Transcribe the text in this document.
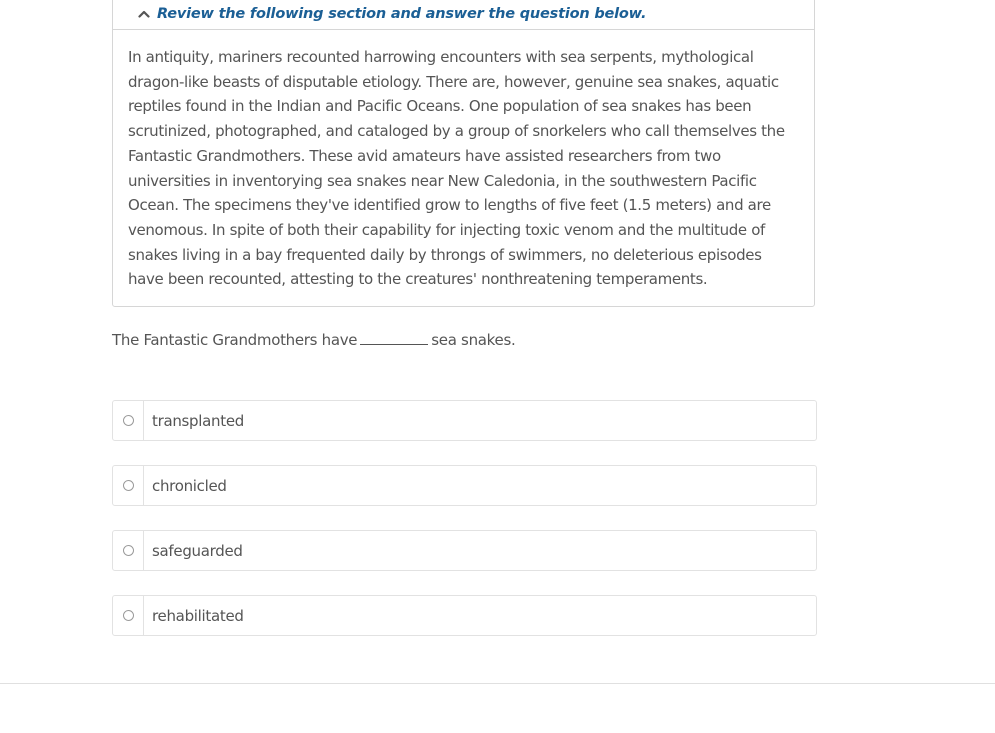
Review the following section and answer the question below.
In antiquity, mariners recounted harrowing encounters with sea serpents, mythological dragon-like beasts of disputable etiology. There are, however, genuine sea snakes, aquatic reptiles found in the Indian and Pacific Oceans. One population of sea snakes has been scrutinized, photographed, and cataloged by a group of snorkelers who call themselves the Fantastic Grandmothers. These avid amateurs have assisted researchers from two universities in inventorying sea snakes near New Caledonia, in the southwestern Pacific Ocean. The specimens they've identified grow to lengths of five feet (1.5 meters) and are venomous. In spite of both their capability for injecting toxic venom and the multitude of snakes living in a bay frequented daily by throngs of swimmers, no deleterious episodes have been recounted, attesting to the creatures' nonthreatening temperaments.
The Fantastic Grandmothers have	sea snakes.
transplanted
chronicled
safeguarded
rehabilitated
